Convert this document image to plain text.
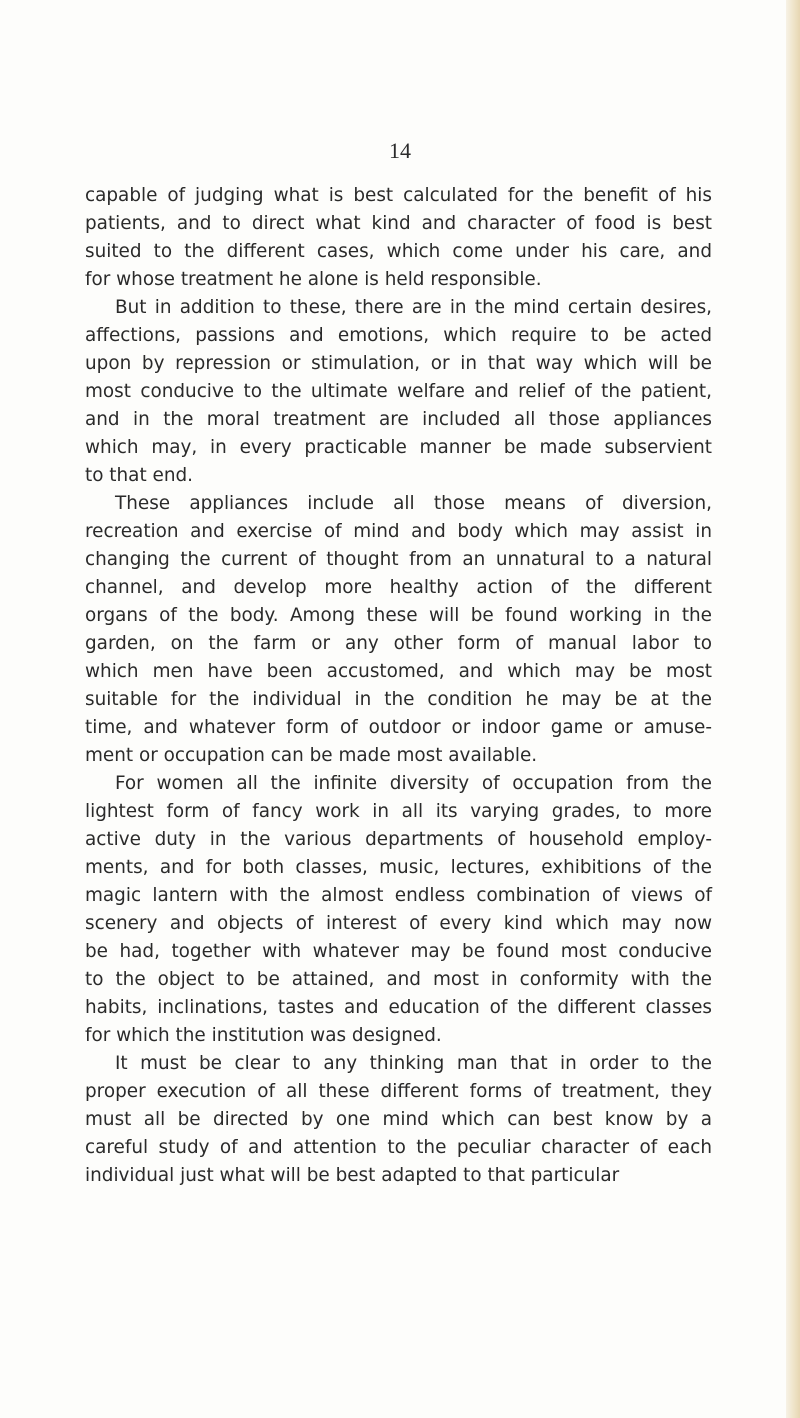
14
capable of judging what is best calculated for the benefit of his
patients, and to direct what kind and character of food is best
suited to the different cases, which come under his care, and
for whose treatment he alone is held responsible.
But in addition to these, there are in the mind certain desires,
affections, passions and emotions, which require to be acted
upon by repression or stimulation, or in that way which will be
most conducive to the ultimate welfare and relief of the patient,
and in the moral treatment are included all those appliances
which may, in every practicable manner be made subservient
to that end.
These appliances include all those means of diversion,
recreation and exercise of mind and body which may assist in
changing the current of thought from an unnatural to a natural
channel, and develop more healthy action of the different
organs of the body. Among these will be found working in the
garden, on the farm or any other form of manual labor to
which men have been accustomed, and which may be most
suitable for the individual in the condition he may be at the
time, and whatever form of outdoor or indoor game or amuse-
ment or occupation can be made most available.
For women all the infinite diversity of occupation from the
lightest form of fancy work in all its varying grades, to more
active duty in the various departments of household employ-
ments, and for both classes, music, lectures, exhibitions of the
magic lantern with the almost endless combination of views of
scenery and objects of interest of every kind which may now
be had, together with whatever may be found most conducive
to the object to be attained, and most in conformity with the
habits, inclinations, tastes and education of the different classes
for which the institution was designed.
It must be clear to any thinking man that in order to the
proper execution of all these different forms of treatment, they
must all be directed by one mind which can best know by a
careful study of and attention to the peculiar character of each
individual just what will be best adapted to that particular
